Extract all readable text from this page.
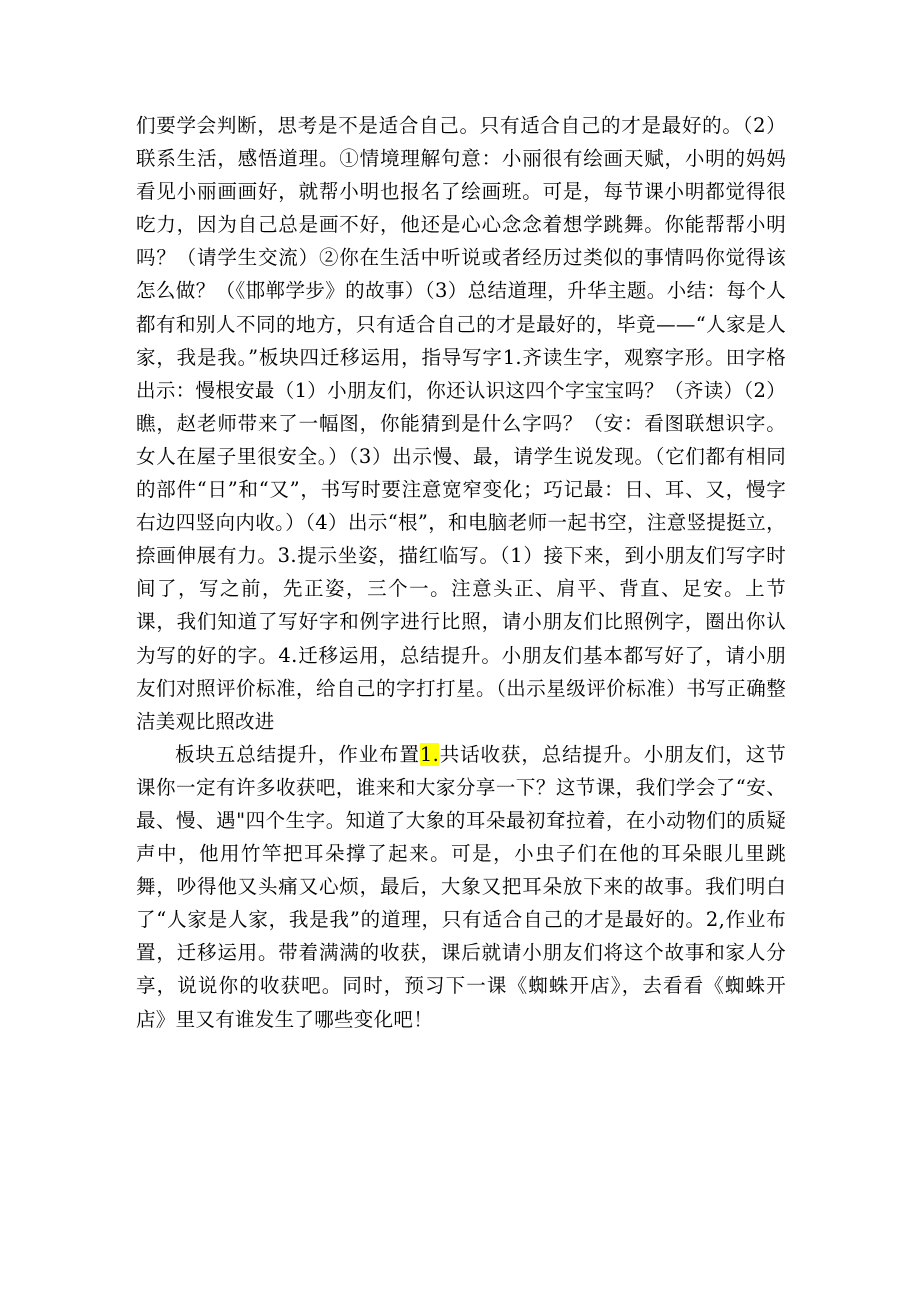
们要学会判断，思考是不是适合自己。只有适合自己的才是最好的。（2）联系生活，感悟道理。①情境理解句意：小丽很有绘画天赋，小明的妈妈看见小丽画画好，就帮小明也报名了绘画班。可是，每节课小明都觉得很吃力，因为自己总是画不好，他还是心心念念着想学跳舞。你能帮帮小明吗？（请学生交流）②你在生活中听说或者经历过类似的事情吗你觉得该怎么做？（《邯郸学步》的故事）（3）总结道理，升华主题。小结：每个人都有和别人不同的地方，只有适合自己的才是最好的，毕竟——“人家是人家，我是我。”板块四迁移运用，指导写字1.齐读生字，观察字形。田字格出示：慢根安最（1）小朋友们，你还认识这四个字宝宝吗？（齐读）（2）瞧，赵老师带来了一幅图，你能猜到是什么字吗？（安：看图联想识字。女人在屋子里很安全。）（3）出示慢、最，请学生说发现。（它们都有相同的部件“日”和“又”，书写时要注意宽窄变化；巧记最：日、耳、又，慢字右边四竖向内收。）（4）出示“根”，和电脑老师一起书空，注意竖提挺立，捺画伸展有力。3.提示坐姿，描红临写。（1）接下来，到小朋友们写字时间了，写之前，先正姿，三个一。注意头正、肩平、背直、足安。上节课，我们知道了写好字和例字进行比照，请小朋友们比照例字，圈出你认为写的好的字。4.迁移运用，总结提升。小朋友们基本都写好了，请小朋友们对照评价标准，给自己的字打打星。（出示星级评价标准）书写正确整洁美观比照改进

板块五总结提升，作业布置1.共话收获，总结提升。小朋友们，这节课你一定有许多收获吧，谁来和大家分享一下？这节课，我们学会了“安、最、慢、遇"四个生字。知道了大象的耳朵最初耷拉着，在小动物们的质疑声中，他用竹竿把耳朵撑了起来。可是，小虫子们在他的耳朵眼儿里跳舞，吵得他又头痛又心烦，最后，大象又把耳朵放下来的故事。我们明白了“人家是人家，我是我”的道理，只有适合自己的才是最好的。2,作业布置，迁移运用。带着满满的收获，课后就请小朋友们将这个故事和家人分享，说说你的收获吧。同时，预习下一课《蜘蛛开店》，去看看《蜘蛛开店》里又有谁发生了哪些变化吧！
